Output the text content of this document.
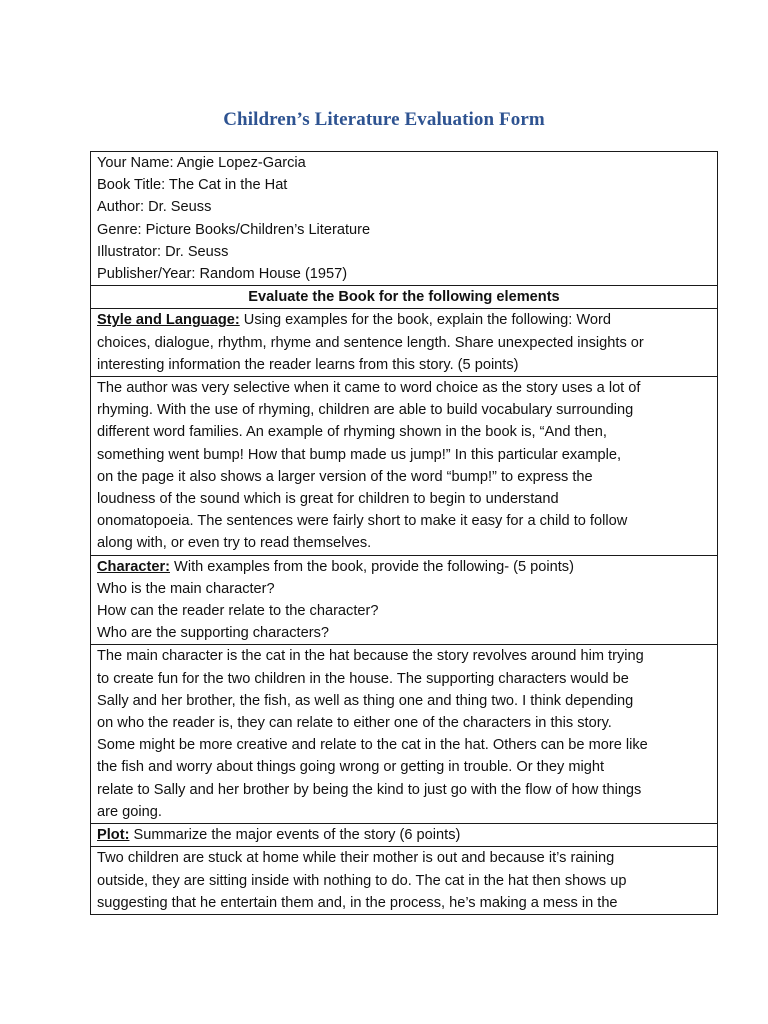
Children’s Literature Evaluation Form
Your Name: Angie Lopez-Garcia
Book Title: The Cat in the Hat
Author: Dr. Seuss
Genre: Picture Books/Children’s Literature
Illustrator: Dr. Seuss
Publisher/Year: Random House (1957)

Evaluate the Book for the following elements

Style and Language: Using examples for the book, explain the following: Word
choices, dialogue, rhythm, rhyme and sentence length. Share unexpected insights or
interesting information the reader learns from this story. (5 points)

The author was very selective when it came to word choice as the story uses a lot of
rhyming. With the use of rhyming, children are able to build vocabulary surrounding
different word families. An example of rhyming shown in the book is, “And then,
something went bump! How that bump made us jump!” In this particular example,
on the page it also shows a larger version of the word “bump!” to express the
loudness of the sound which is great for children to begin to understand
onomatopoeia. The sentences were fairly short to make it easy for a child to follow
along with, or even try to read themselves.

Character: With examples from the book, provide the following- (5 points)
Who is the main character?
How can the reader relate to the character?
Who are the supporting characters?

The main character is the cat in the hat because the story revolves around him trying
to create fun for the two children in the house. The supporting characters would be
Sally and her brother, the fish, as well as thing one and thing two. I think depending
on who the reader is, they can relate to either one of the characters in this story.
Some might be more creative and relate to the cat in the hat. Others can be more like
the fish and worry about things going wrong or getting in trouble. Or they might
relate to Sally and her brother by being the kind to just go with the flow of how things
are going.

Plot: Summarize the major events of the story (6 points)

Two children are stuck at home while their mother is out and because it’s raining
outside, they are sitting inside with nothing to do. The cat in the hat then shows up
suggesting that he entertain them and, in the process, he’s making a mess in the
